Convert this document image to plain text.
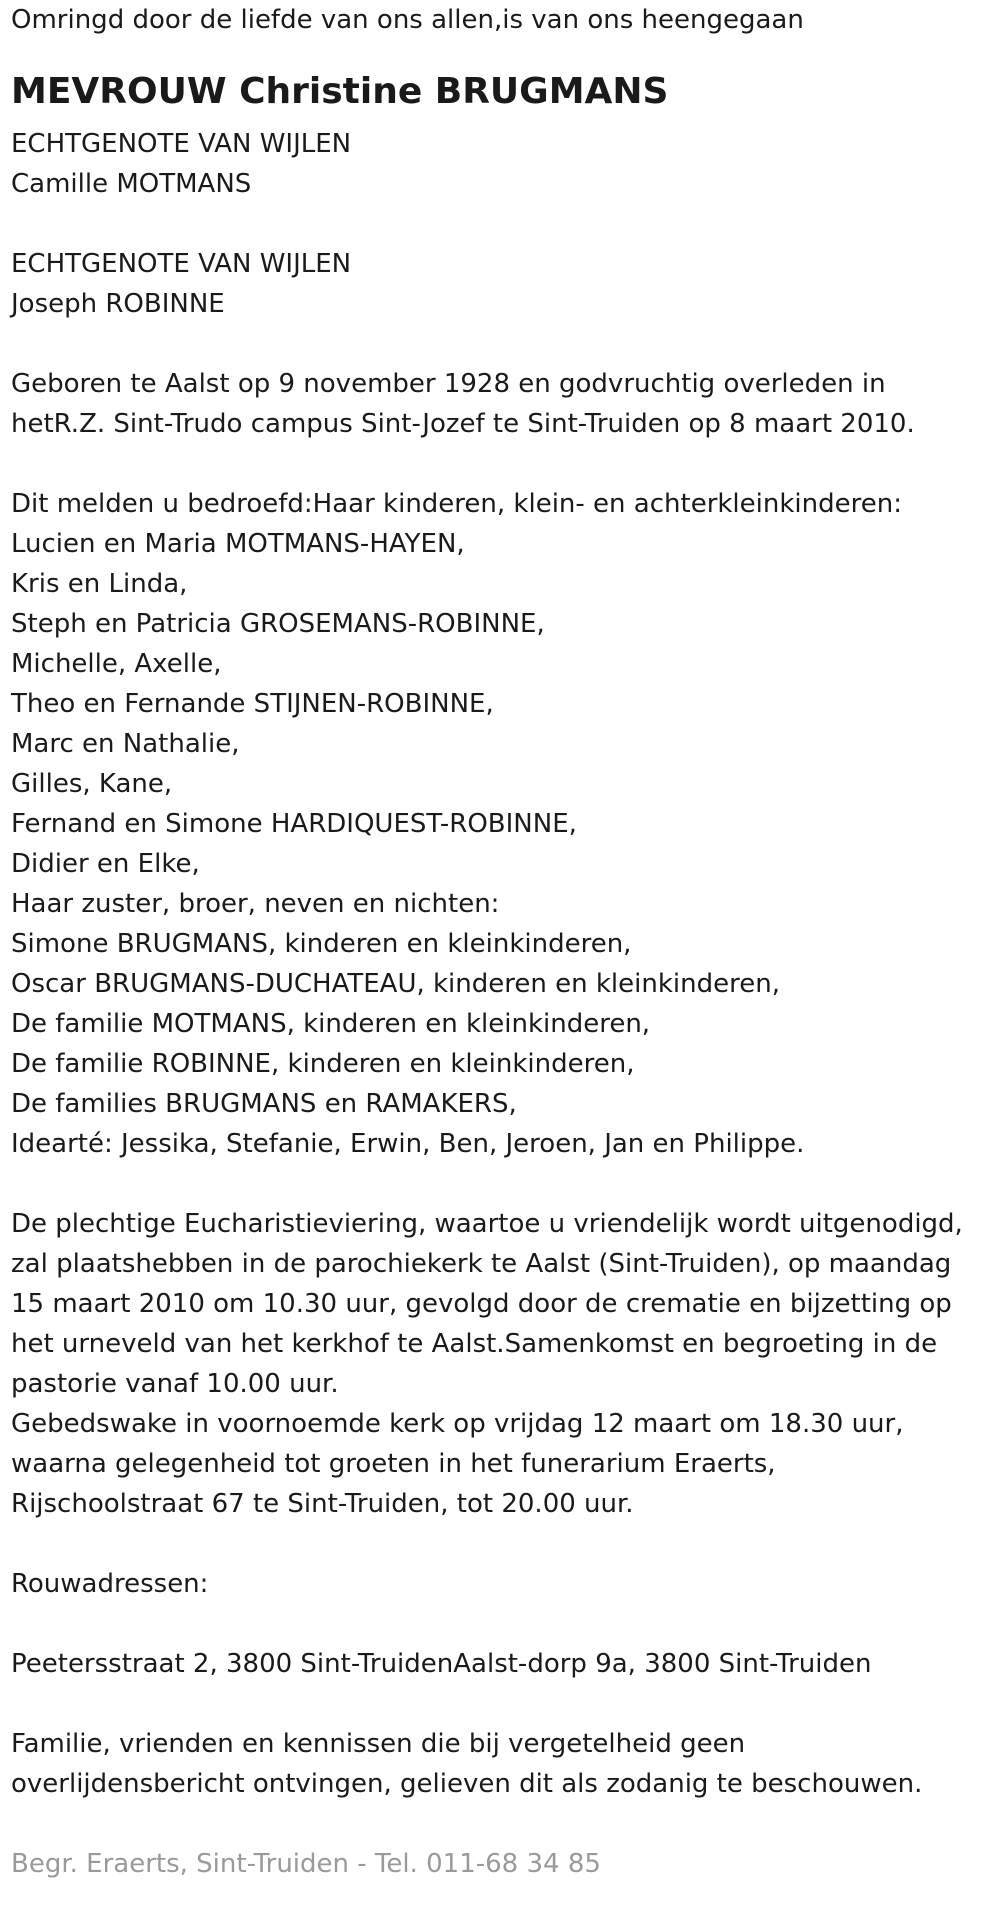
Omringd door de liefde van ons allen,is van ons heengegaan
MEVROUW Christine BRUGMANS
ECHTGENOTE VAN WIJLEN
Camille MOTMANS
ECHTGENOTE VAN WIJLEN
Joseph ROBINNE
Geboren te Aalst op 9 november 1928 en godvruchtig overleden in
hetR.Z. Sint-Trudo campus Sint-Jozef te Sint-Truiden op 8 maart 2010.
Dit melden u bedroefd:Haar kinderen, klein- en achterkleinkinderen:
Lucien en Maria MOTMANS-HAYEN,
Kris en Linda,
Steph en Patricia GROSEMANS-ROBINNE,
Michelle, Axelle,
Theo en Fernande STIJNEN-ROBINNE,
Marc en Nathalie,
Gilles, Kane,
Fernand en Simone HARDIQUEST-ROBINNE,
Didier en Elke,
Haar zuster, broer, neven en nichten:
Simone BRUGMANS, kinderen en kleinkinderen,
Oscar BRUGMANS-DUCHATEAU, kinderen en kleinkinderen,
De familie MOTMANS, kinderen en kleinkinderen,
De familie ROBINNE, kinderen en kleinkinderen,
De families BRUGMANS en RAMAKERS,
Idearté: Jessika, Stefanie, Erwin, Ben, Jeroen, Jan en Philippe.
De plechtige Eucharistieviering, waartoe u vriendelijk wordt uitgenodigd,
zal plaatshebben in de parochiekerk te Aalst (Sint-Truiden), op maandag
15 maart 2010 om 10.30 uur, gevolgd door de crematie en bijzetting op
het urneveld van het kerkhof te Aalst.Samenkomst en begroeting in de
pastorie vanaf 10.00 uur.
Gebedswake in voornoemde kerk op vrijdag 12 maart om 18.30 uur,
waarna gelegenheid tot groeten in het funerarium Eraerts,
Rijschoolstraat 67 te Sint-Truiden, tot 20.00 uur.
Rouwadressen:
Peetersstraat 2, 3800 Sint-TruidenAalst-dorp 9a, 3800 Sint-Truiden
Familie, vrienden en kennissen die bij vergetelheid geen
overlijdensbericht ontvingen, gelieven dit als zodanig te beschouwen.
Begr. Eraerts, Sint-Truiden - Tel. 011-68 34 85
